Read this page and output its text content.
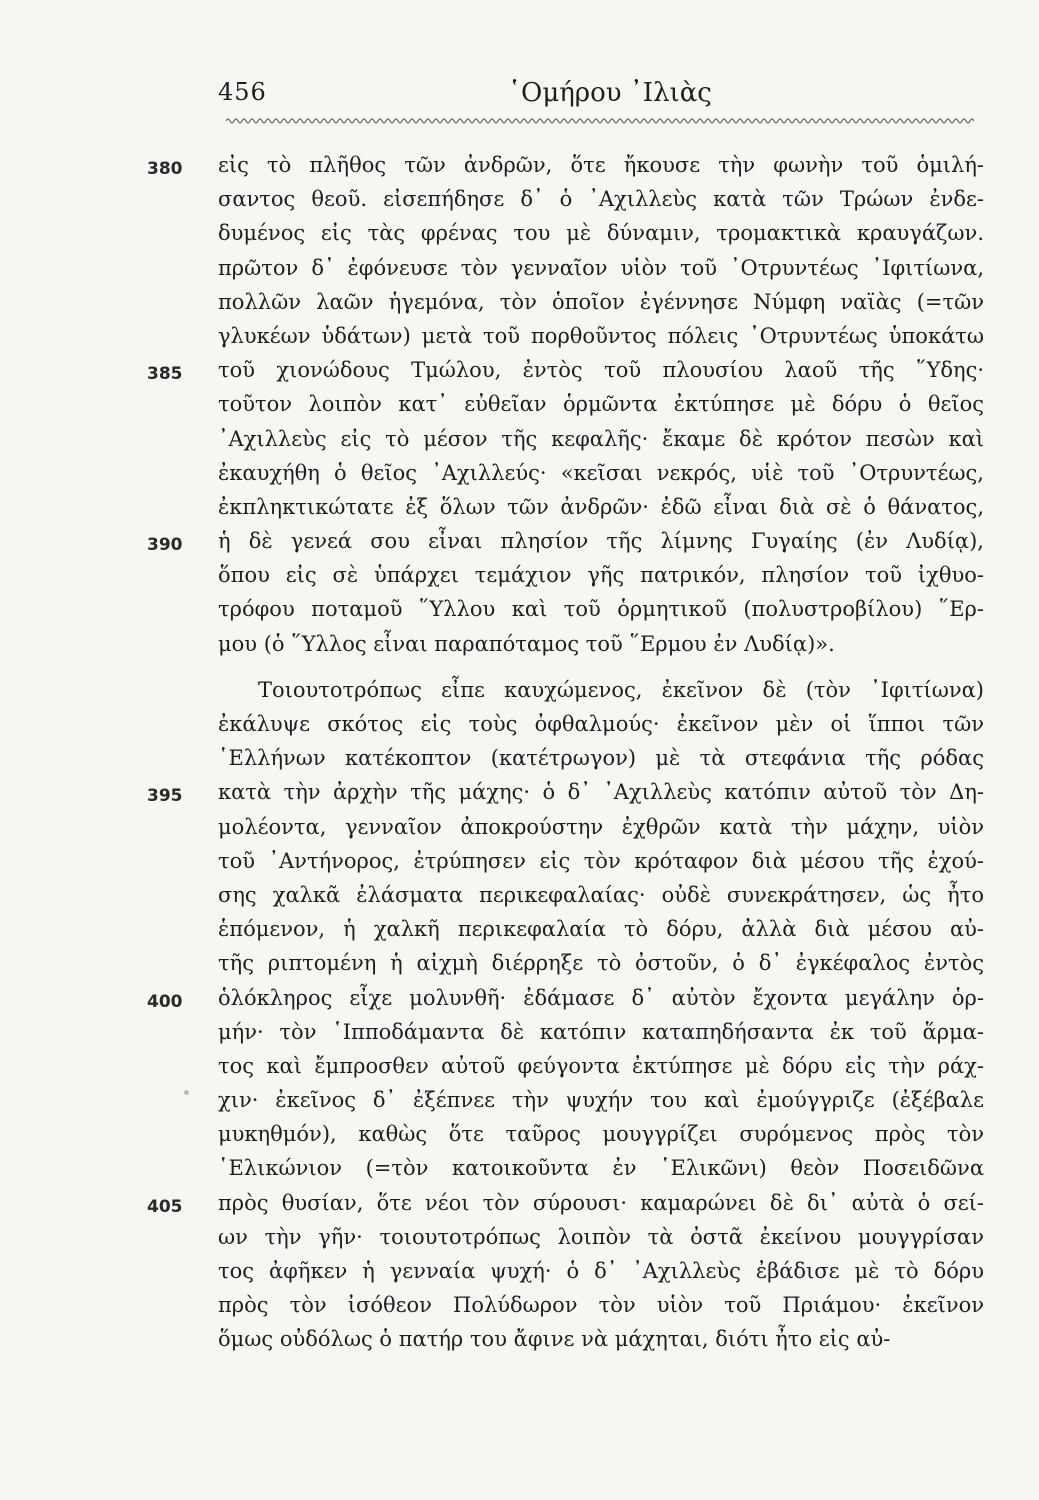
456	῾Ομήρου ᾿Ιλιὰς
380 εἰς τὸ πλῆθος τῶν ἀνδρῶν, ὅτε ἤκουσε τὴν φωνὴν τοῦ ὁμιλή-
σαντος θεοῦ. εἰσεπήδησε δ᾿ ὁ ᾿Αχιλλεὺς κατὰ τῶν Τρώων ἐνδε-
δυμένος εἰς τὰς φρένας του μὲ δύναμιν, τρομακτικὰ κραυγάζων.
πρῶτον δ᾿ ἐφόνευσε τὸν γενναῖον υἱὸν τοῦ ᾿Οτρυντέως ᾿Ιφιτίωνα,
πολλῶν λαῶν ἡγεμόνα, τὸν ὁποῖον ἐγέννησε Νύμφη ναϊὰς (=τῶν
γλυκέων ὑδάτων) μετὰ τοῦ πορθοῦντος πόλεις ᾿Οτρυντέως ὑποκάτω
385 τοῦ χιονώδους Τμώλου, ἐντὸς τοῦ πλουσίου λαοῦ τῆς ῞Υδης·
τοῦτον λοιπὸν κατ᾿ εὐθεῖαν ὁρμῶντα ἐκτύπησε μὲ δόρυ ὁ θεῖος
᾿Αχιλλεὺς εἰς τὸ μέσον τῆς κεφαλῆς· ἔκαμε δὲ κρότον πεσὼν καὶ
ἐκαυχήθη ὁ θεῖος ᾿Αχιλλεύς· «κεῖσαι νεκρός, υἱὲ τοῦ ᾿Οτρυντέως,
ἐκπληκτικώτατε ἐξ ὅλων τῶν ἀνδρῶν· ἐδῶ εἶναι διὰ σὲ ὁ θάνατος,
390 ἡ δὲ γενεά σου εἶναι πλησίον τῆς λίμνης Γυγαίης (ἐν Λυδίᾳ),
ὅπου εἰς σὲ ὑπάρχει τεμάχιον γῆς πατρικόν, πλησίον τοῦ ἰχθυο-
τρόφου ποταμοῦ ῞Υλλου καὶ τοῦ ὁρμητικοῦ (πολυστροβίλου) ῞Ερ-
μου (ὁ ῞Υλλος εἶναι παραπόταμος τοῦ ῞Ερμου ἐν Λυδίᾳ)».
Τοιουτοτρόπως εἶπε καυχώμενος, ἐκεῖνον δὲ (τὸν ᾿Ιφιτίωνα)
ἐκάλυψε σκότος εἰς τοὺς ὀφθαλμούς· ἐκεῖνον μὲν οἱ ἵπποι τῶν
῾Ελλήνων κατέκοπτον (κατέτρωγον) μὲ τὰ στεφάνια τῆς ρόδας
395 κατὰ τὴν ἀρχὴν τῆς μάχης· ὁ δ᾿ ᾿Αχιλλεὺς κατόπιν αὐτοῦ τὸν Δη-
μολέοντα, γενναῖον ἀποκρούστην ἐχθρῶν κατὰ τὴν μάχην, υἱὸν
τοῦ ᾿Αντήνορος, ἐτρύπησεν εἰς τὸν κρόταφον διὰ μέσου τῆς ἐχού-
σης χαλκᾶ ἐλάσματα περικεφαλαίας· οὐδὲ συνεκράτησεν, ὡς ἦτο
ἑπόμενον, ἡ χαλκῆ περικεφαλαία τὸ δόρυ, ἀλλὰ διὰ μέσου αὐ-
τῆς ριπτομένη ἡ αἰχμὴ διέρρηξε τὸ ὀστοῦν, ὁ δ᾿ ἐγκέφαλος ἐντὸς
400 ὁλόκληρος εἶχε μολυνθῆ· ἐδάμασε δ᾿ αὐτὸν ἔχοντα μεγάλην ὁρ-
μήν· τὸν ῾Ιπποδάμαντα δὲ κατόπιν καταπηδήσαντα ἐκ τοῦ ἅρμα-
τος καὶ ἔμπροσθεν αὐτοῦ φεύγοντα ἐκτύπησε μὲ δόρυ εἰς τὴν ράχ-
χιν· ἐκεῖνος δ᾿ ἐξέπνεε τὴν ψυχήν του καὶ ἐμούγγριζε (ἐξέβαλε
μυκηθμόν), καθὼς ὅτε ταῦρος μουγγρίζει συρόμενος πρὸς τὸν
῾Ελικώνιον (=τὸν κατοικοῦντα ἐν ῾Ελικῶνι) θεὸν Ποσειδῶνα
405 πρὸς θυσίαν, ὅτε νέοι τὸν σύρουσι· καμαρώνει δὲ δι᾿ αὐτὰ ὁ σεί-
ων τὴν γῆν· τοιουτοτρόπως λοιπὸν τὰ ὀστᾶ ἐκείνου μουγγρίσαν
τος ἀφῆκεν ἡ γενναία ψυχή· ὁ δ᾿ ᾿Αχιλλεὺς ἐβάδισε μὲ τὸ δόρυ
πρὸς τὸν ἰσόθεον Πολύδωρον τὸν υἱὸν τοῦ Πριάμου· ἐκεῖνον
ὅμως οὐδόλως ὁ πατήρ του ἄφινε νὰ μάχηται, διότι ἦτο εἰς αὐ-
